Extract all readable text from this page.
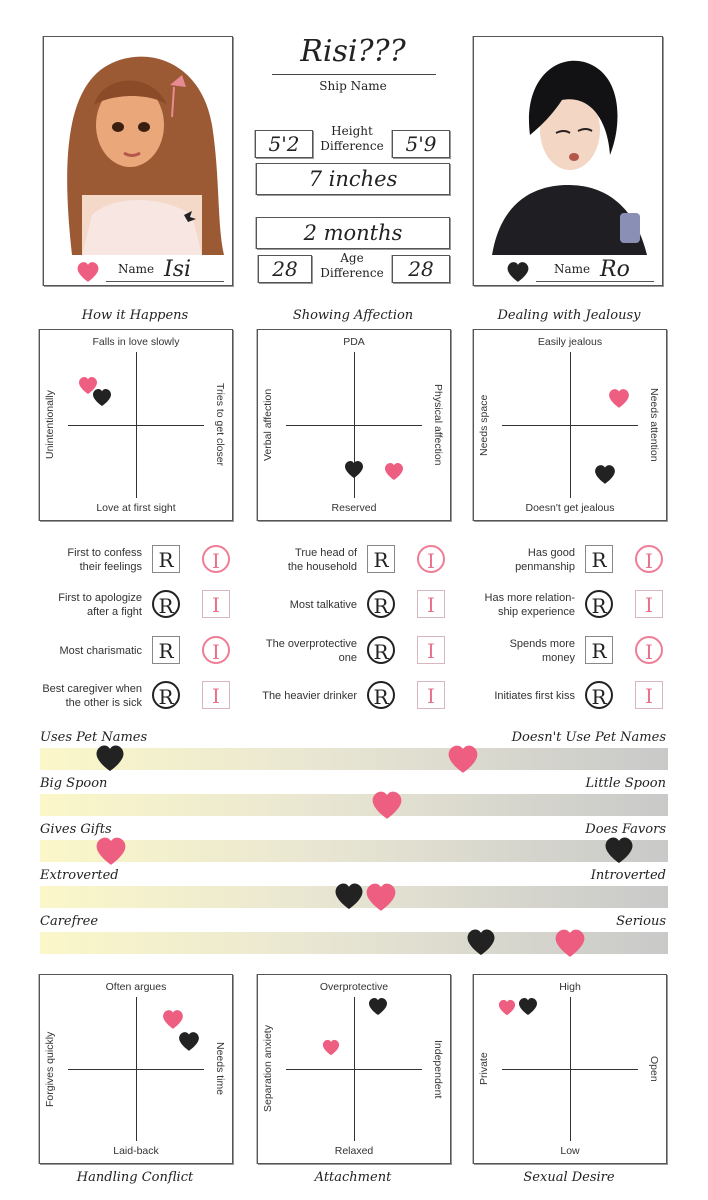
Name Isi	Name Ro
Risi???
Ship Name
5'2
Height
Difference	5'9
7 inches
2 months
28	Age
Difference	28
Falls in love slowly
Love at first sight
Unintentionally	Tries to get closer
How it Happens
PDA
Reserved
Verbal affection	Physical affection
Showing Affection
Easily jealous
Doesn't get jealous
Needs space	Needs attention
Dealing with Jealousy
First to confess
their feelings R	I
First to apologize
after a fight R	I
Most charismatic R	I
Best caregiver when
the other is sick R	I
True head of
the household R	I
Most talkative R	I
The overprotective
one R	I
The heavier drinker R	I
Has good
penmanship R	I
Has more relation-
ship experience R	I
Spends more
money R	I
Initiates first kiss R	I
Uses Pet Names	Doesn't Use Pet Names
Big Spoon	Little Spoon
Gives Gifts	Does Favors
Extroverted	Introverted
Carefree	Serious
Often argues
Laid-back
Forgives quickly	Needs time
Handling Conflict
Overprotective
Relaxed
Separation anxiety	Independent
Attachment
High
Low
Private	Open
Sexual Desire
